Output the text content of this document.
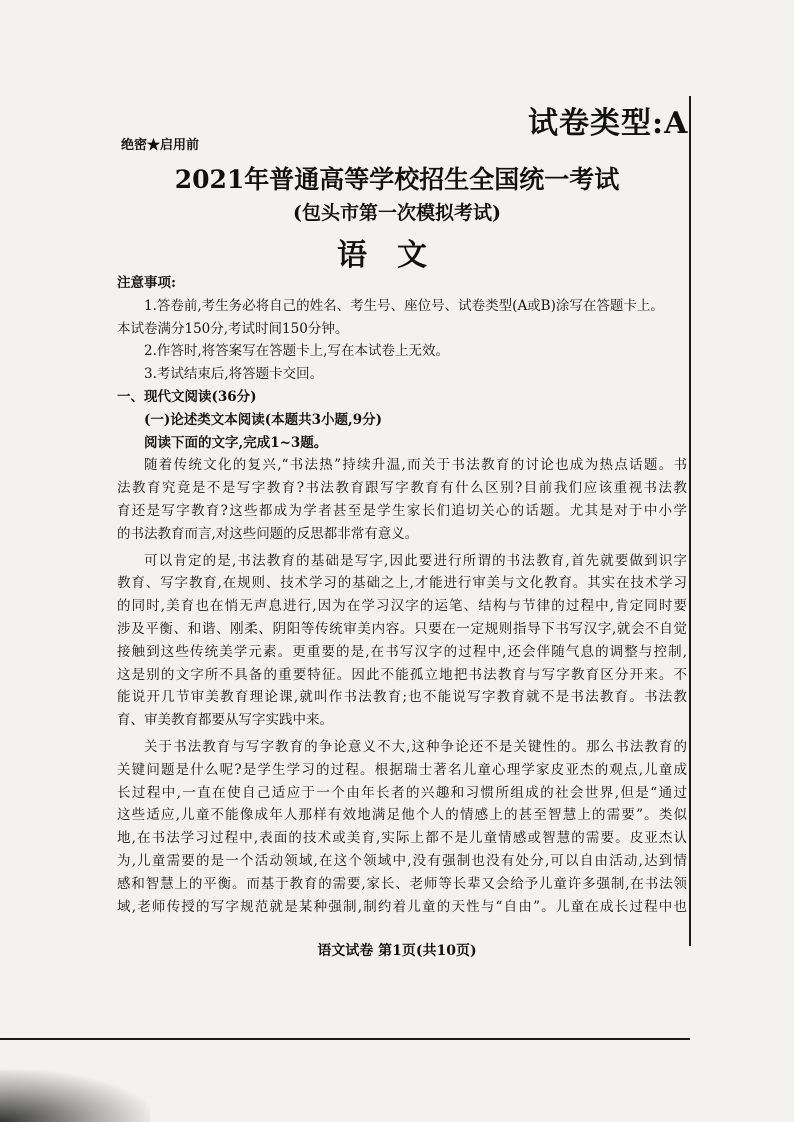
试卷类型:A
绝密★启用前
2021年普通高等学校招生全国统一考试
(包头市第一次模拟考试)
语文
注意事项:
1.答卷前,考生务必将自己的姓名、考生号、座位号、试卷类型(A或B)涂写在答题卡上。
本试卷满分150分,考试时间150分钟。
2.作答时,将答案写在答题卡上,写在本试卷上无效。
3.考试结束后,将答题卡交回。
一、现代文阅读(36分)
(一)论述类文本阅读(本题共3小题,9分)
阅读下面的文字,完成1~3题。
随着传统文化的复兴,“书法热”持续升温,而关于书法教育的讨论也成为热点话题。书
法教育究竟是不是写字教育?书法教育跟写字教育有什么区别?目前我们应该重视书法教
育还是写字教育?这些都成为学者甚至是学生家长们追切关心的话题。尤其是对于中小学
的书法教育而言,对这些问题的反思都非常有意义。
可以肯定的是,书法教育的基础是写字,因此要进行所谓的书法教育,首先就要做到识字
教育、写字教育,在规则、技术学习的基础之上,才能进行审美与文化教育。其实在技术学习
的同时,美育也在悄无声息进行,因为在学习汉字的运笔、结构与节律的过程中,肯定同时要
涉及平衡、和谐、刚柔、阴阳等传统审美内容。只要在一定规则指导下书写汉字,就会不自觉
接触到这些传统美学元素。更重要的是,在书写汉字的过程中,还会伴随气息的调整与控制,
这是别的文字所不具备的重要特征。因此不能孤立地把书法教育与写字教育区分开来。不
能说开几节审美教育理论课,就叫作书法教育;也不能说写字教育就不是书法教育。书法教
育、审美教育都要从写字实践中来。
关于书法教育与写字教育的争论意义不大,这种争论还不是关键性的。那么书法教育的
关键问题是什么呢?是学生学习的过程。根据瑞士著名儿童心理学家皮亚杰的观点,儿童成
长过程中,一直在使自己适应于一个由年长者的兴趣和习惯所组成的社会世界,但是“通过
这些适应,儿童不能像成年人那样有效地满足他个人的情感上的甚至智慧上的需要”。类似
地,在书法学习过程中,表面的技术或美育,实际上都不是儿童情感或智慧的需要。皮亚杰认
为,儿童需要的是一个活动领域,在这个领域中,没有强制也没有处分,可以自由活动,达到情
感和智慧上的平衡。而基于教育的需要,家长、老师等长辈又会给予儿童许多强制,在书法领
域,老师传授的写字规范就是某种强制,制约着儿童的天性与“自由”。儿童在成长过程中也
语文试卷 第1页(共10页)
